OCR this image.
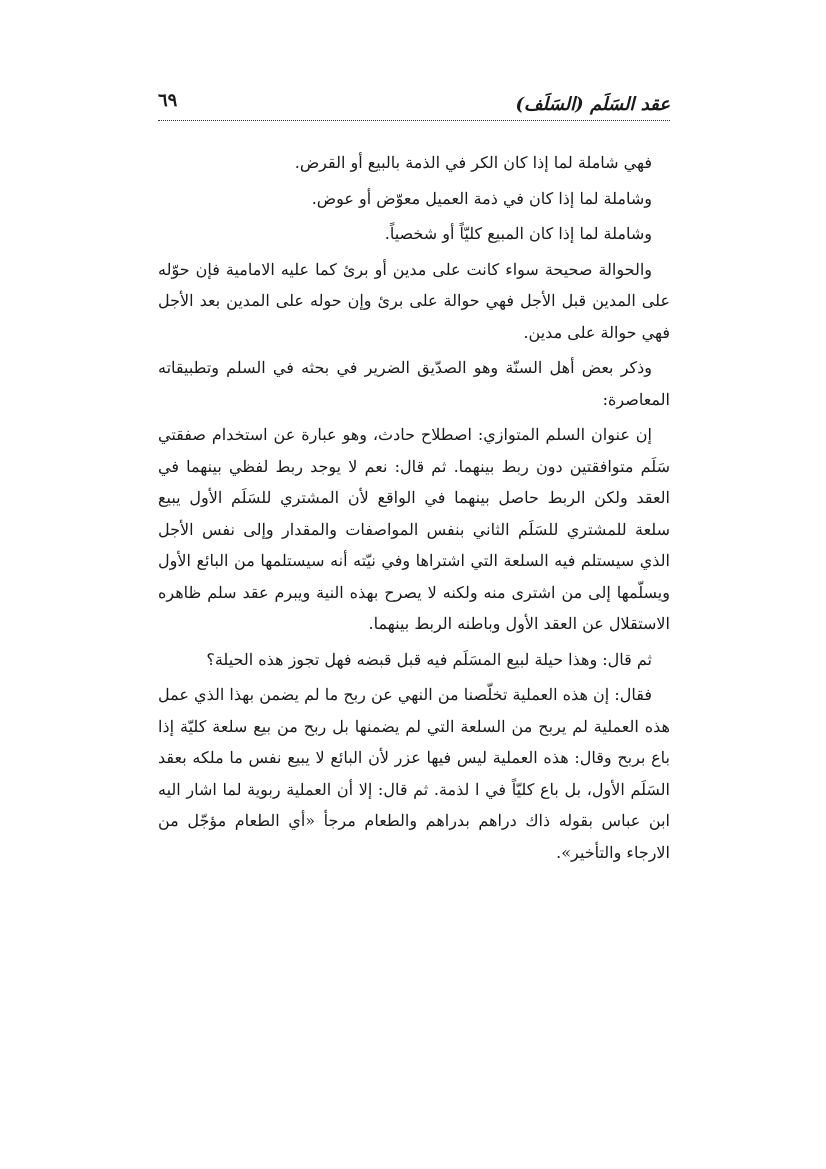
عقد السَلَم (السَلَف)
٦٩

فهي شاملة لما إذا كان الكر في الذمة بالبيع أو القرض.

وشاملة لما إذا كان في ذمة العميل معوّض أو عوض.

وشاملة لما إذا كان المبيع كليّاً أو شخصياً.

والحوالة صحيحة سواء كانت على مدين أو برئ كما عليه الامامية فإن حوّله على المدين قبل الأجل فهي حوالة على برئ وإن حوله على المدين بعد الأجل فهي حوالة على مدين.

وذكر بعض أهل السنّة وهو الصدّيق الضرير في بحثه في السلم وتطبيقاته المعاصرة:

إن عنوان السلم المتوازي: اصطلاح حادث، وهو عبارة عن استخدام صفقتي سَلَم متوافقتين دون ربط بينهما. ثم قال: نعم لا يوجد ربط لفظي بينهما في العقد ولكن الربط حاصل بينهما في الواقع لأن المشتري للسَلَم الأول يبيع سلعة للمشتري للسَلَم الثاني بنفس المواصفات والمقدار وإلى نفس الأجل الذي سيستلم فيه السلعة التي اشتراها وفي نيّته أنه سيستلمها من البائع الأول ويسلّمها إلى من اشترى منه ولكنه لا يصرح بهذه النية ويبرم عقد سلم ظاهره الاستقلال عن العقد الأول وباطنه الربط بينهما.

ثم قال: وهذا حيلة لبيع المسَلَم فيه قبل قبضه فهل تجوز هذه الحيلة؟

فقال: إن هذه العملية تخلّصنا من النهي عن ربح ما لم يضمن بهذا الذي عمل هذه العملية لم يربح من السلعة التي لم يضمنها بل ربح من بيع سلعة كليّة إذا باع بربح وقال: هذه العملية ليس فيها عزر لأن البائع لا يبيع نفس ما ملكه بعقد السَلَم الأول، بل باع كليّاً في ا لذمة. ثم قال: إلا أن العملية ربوية لما اشار اليه ابن عباس بقوله ذاك دراهم بدراهم والطعام مرجأ «أي الطعام مؤجّل من الارجاء والتأخير».
